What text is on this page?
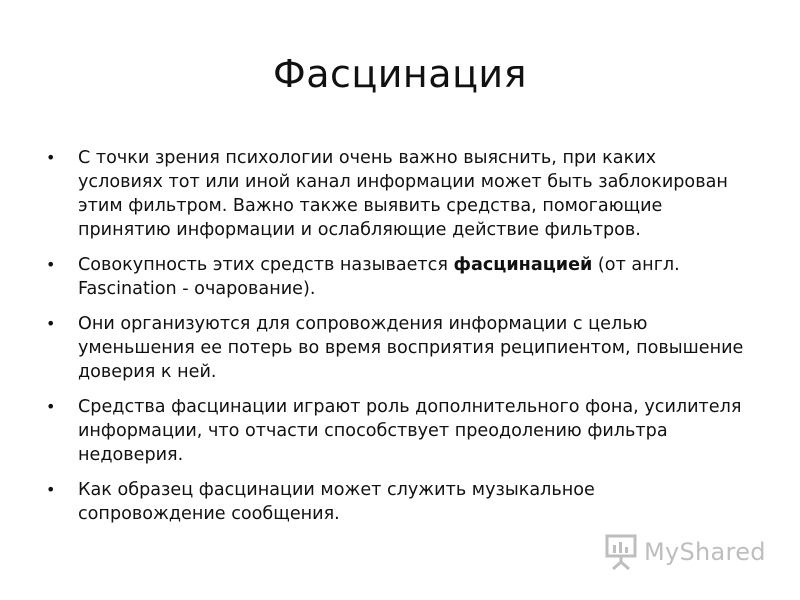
Фасцинация
• С точки зрения психологии очень важно выяснить, при каких условиях тот или иной канал информации может быть заблокирован этим фильтром. Важно также выявить средства, помогающие принятию информации и ослабляющие действие фильтров.
• Совокупность этих средств называется фасцинацией (от англ. Fascination - очарование).
• Они организуются для сопровождения информации с целью уменьшения ее потерь во время восприятия реципиентом, повышение доверия к ней.
• Средства фасцинации играют роль дополнительного фона, усилителя информации, что отчасти способствует преодолению фильтра недоверия.
• Как образец фасцинации может служить музыкальное сопровождение сообщения.
MyShared
